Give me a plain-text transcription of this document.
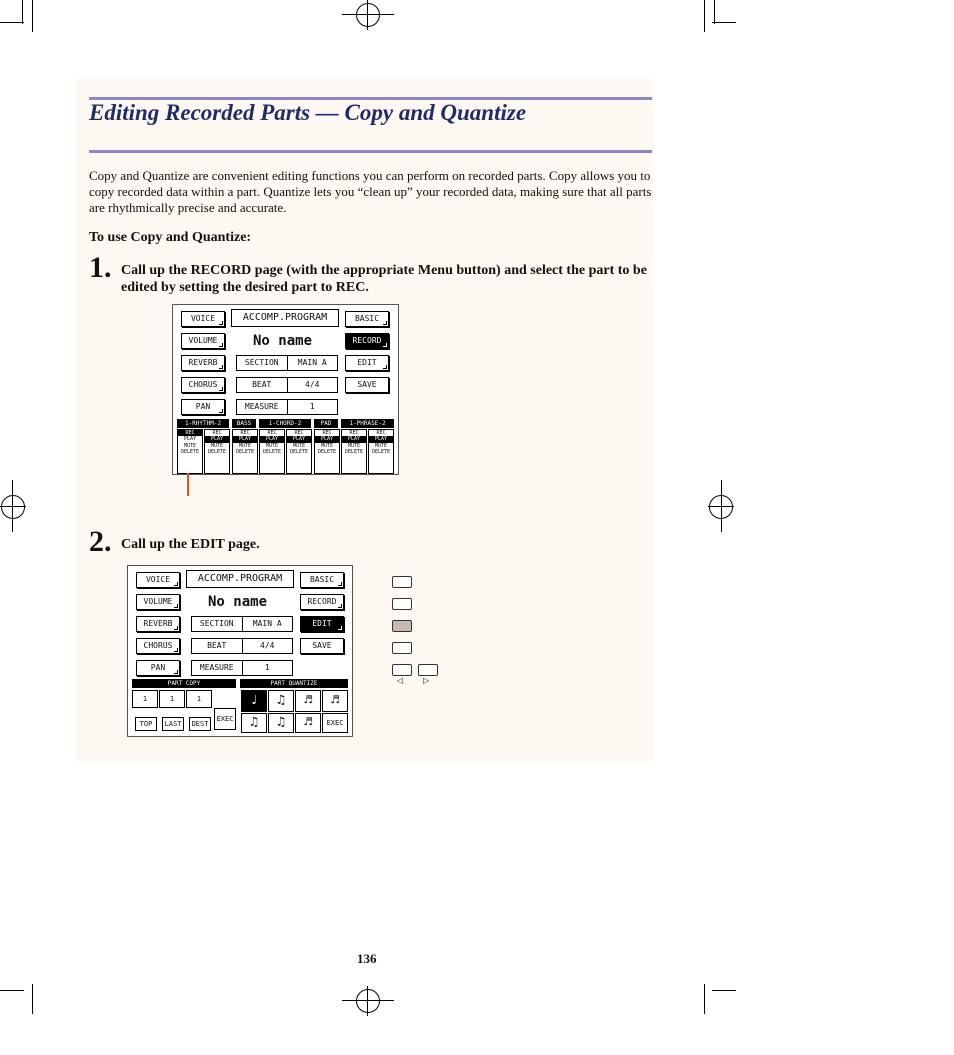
Editing Recorded Parts — Copy and Quantize

Copy and Quantize are convenient editing functions you can perform on recorded parts. Copy allows you to copy recorded data within a part. Quantize lets you “clean up” your recorded data, making sure that all parts are rhythmically precise and accurate.

To use Copy and Quantize:

1. Call up the RECORD page (with the appropriate Menu button) and select the part to be edited by setting the desired part to REC.

VOICE
VOLUME
REVERB
CHORUS
PAN
ACCOMP.PROGRAM
No name
SECTION	MAIN A
BEAT	4/4
MEASURE	1
BASIC
RECORD
EDIT
SAVE
1-RHYTHM-2	BASS	1-CHORD-2	PAD	1-PHRASE-2
REC
PLAY
MUTE
DELETE
REC
PLAY
MUTE
DELETE
REC
PLAY
MUTE
DELETE
REC
PLAY
MUTE
DELETE
REC
PLAY
MUTE
DELETE
REC
PLAY
MUTE
DELETE
REC
PLAY
MUTE
DELETE
REC
PLAY
MUTE
DELETE
2. Call up the EDIT page.

VOICE
VOLUME
REVERB
CHORUS
PAN
ACCOMP.PROGRAM
No name
SECTION	MAIN A
BEAT	4/4
MEASURE	1
BASIC
RECORD
EDIT
SAVE
PART COPY	PART QUANTIZE
1	1	1
TOP	LAST	DEST
EXEC
♩	♫	♬	♬
♫	♫	♬	EXEC
◁ ▷

136
